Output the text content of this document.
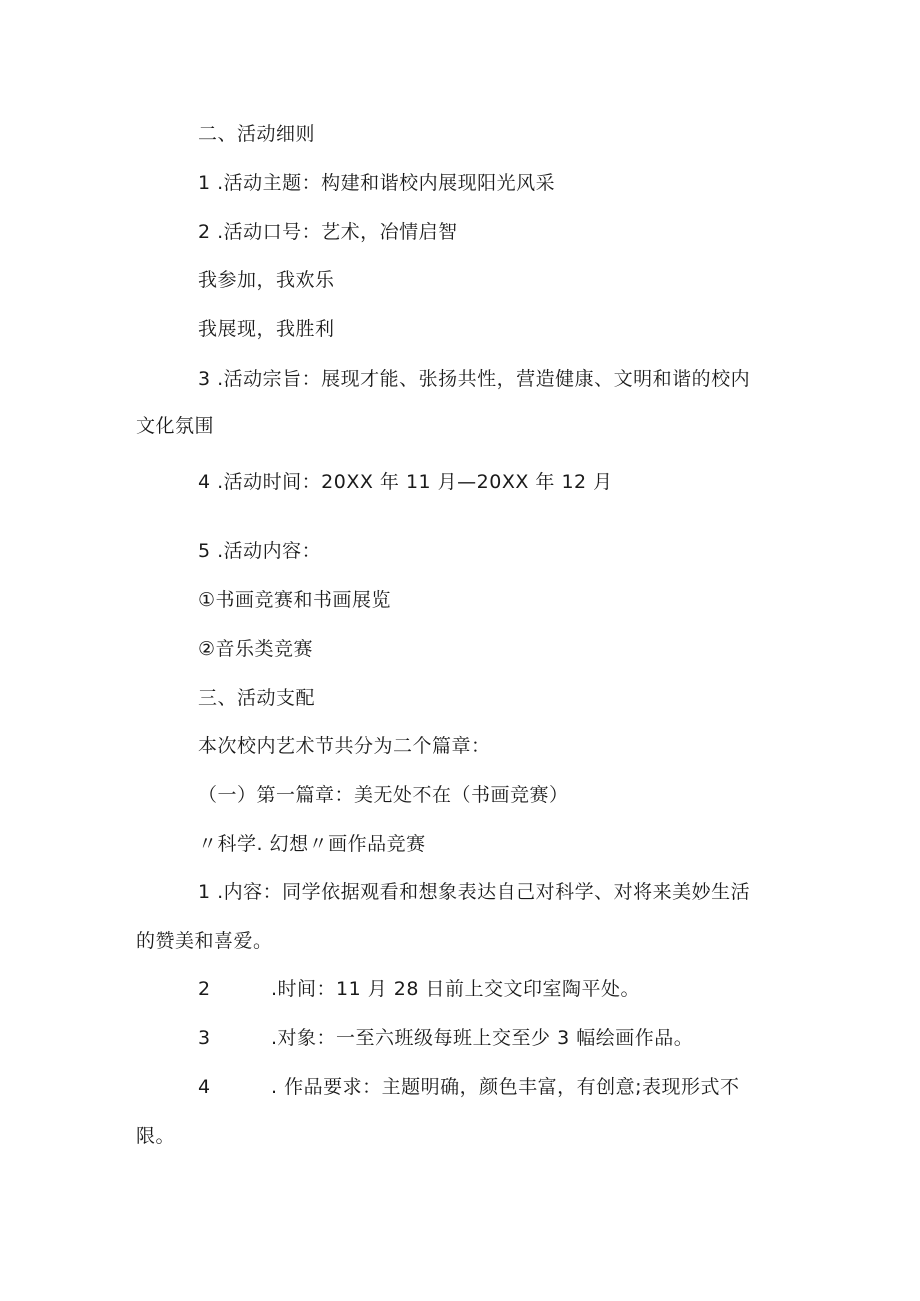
二、活动细则
1 .活动主题：构建和谐校内展现阳光风采
2 .活动口号：艺术，冶情启智
我参加，我欢乐
我展现，我胜利
3 .活动宗旨：展现才能、张扬共性，营造健康、文明和谐的校内
文化氛围
4 .活动时间：20XX 年 11 月—20XX 年 12 月
5 .活动内容：
①书画竞赛和书画展览
②音乐类竞赛
三、活动支配
本次校内艺术节共分为二个篇章：
（一）第一篇章：美无处不在（书画竞赛）
〃科学. 幻想〃画作品竞赛
1 .内容：同学依据观看和想象表达自己对科学、对将来美妙生活
的赞美和喜爱。
2	.时间：11 月 28 日前上交文印室陶平处。
3	.对象：一至六班级每班上交至少 3 幅绘画作品。
4	. 作品要求：主题明确，颜色丰富，有创意;表现形式不
限。
